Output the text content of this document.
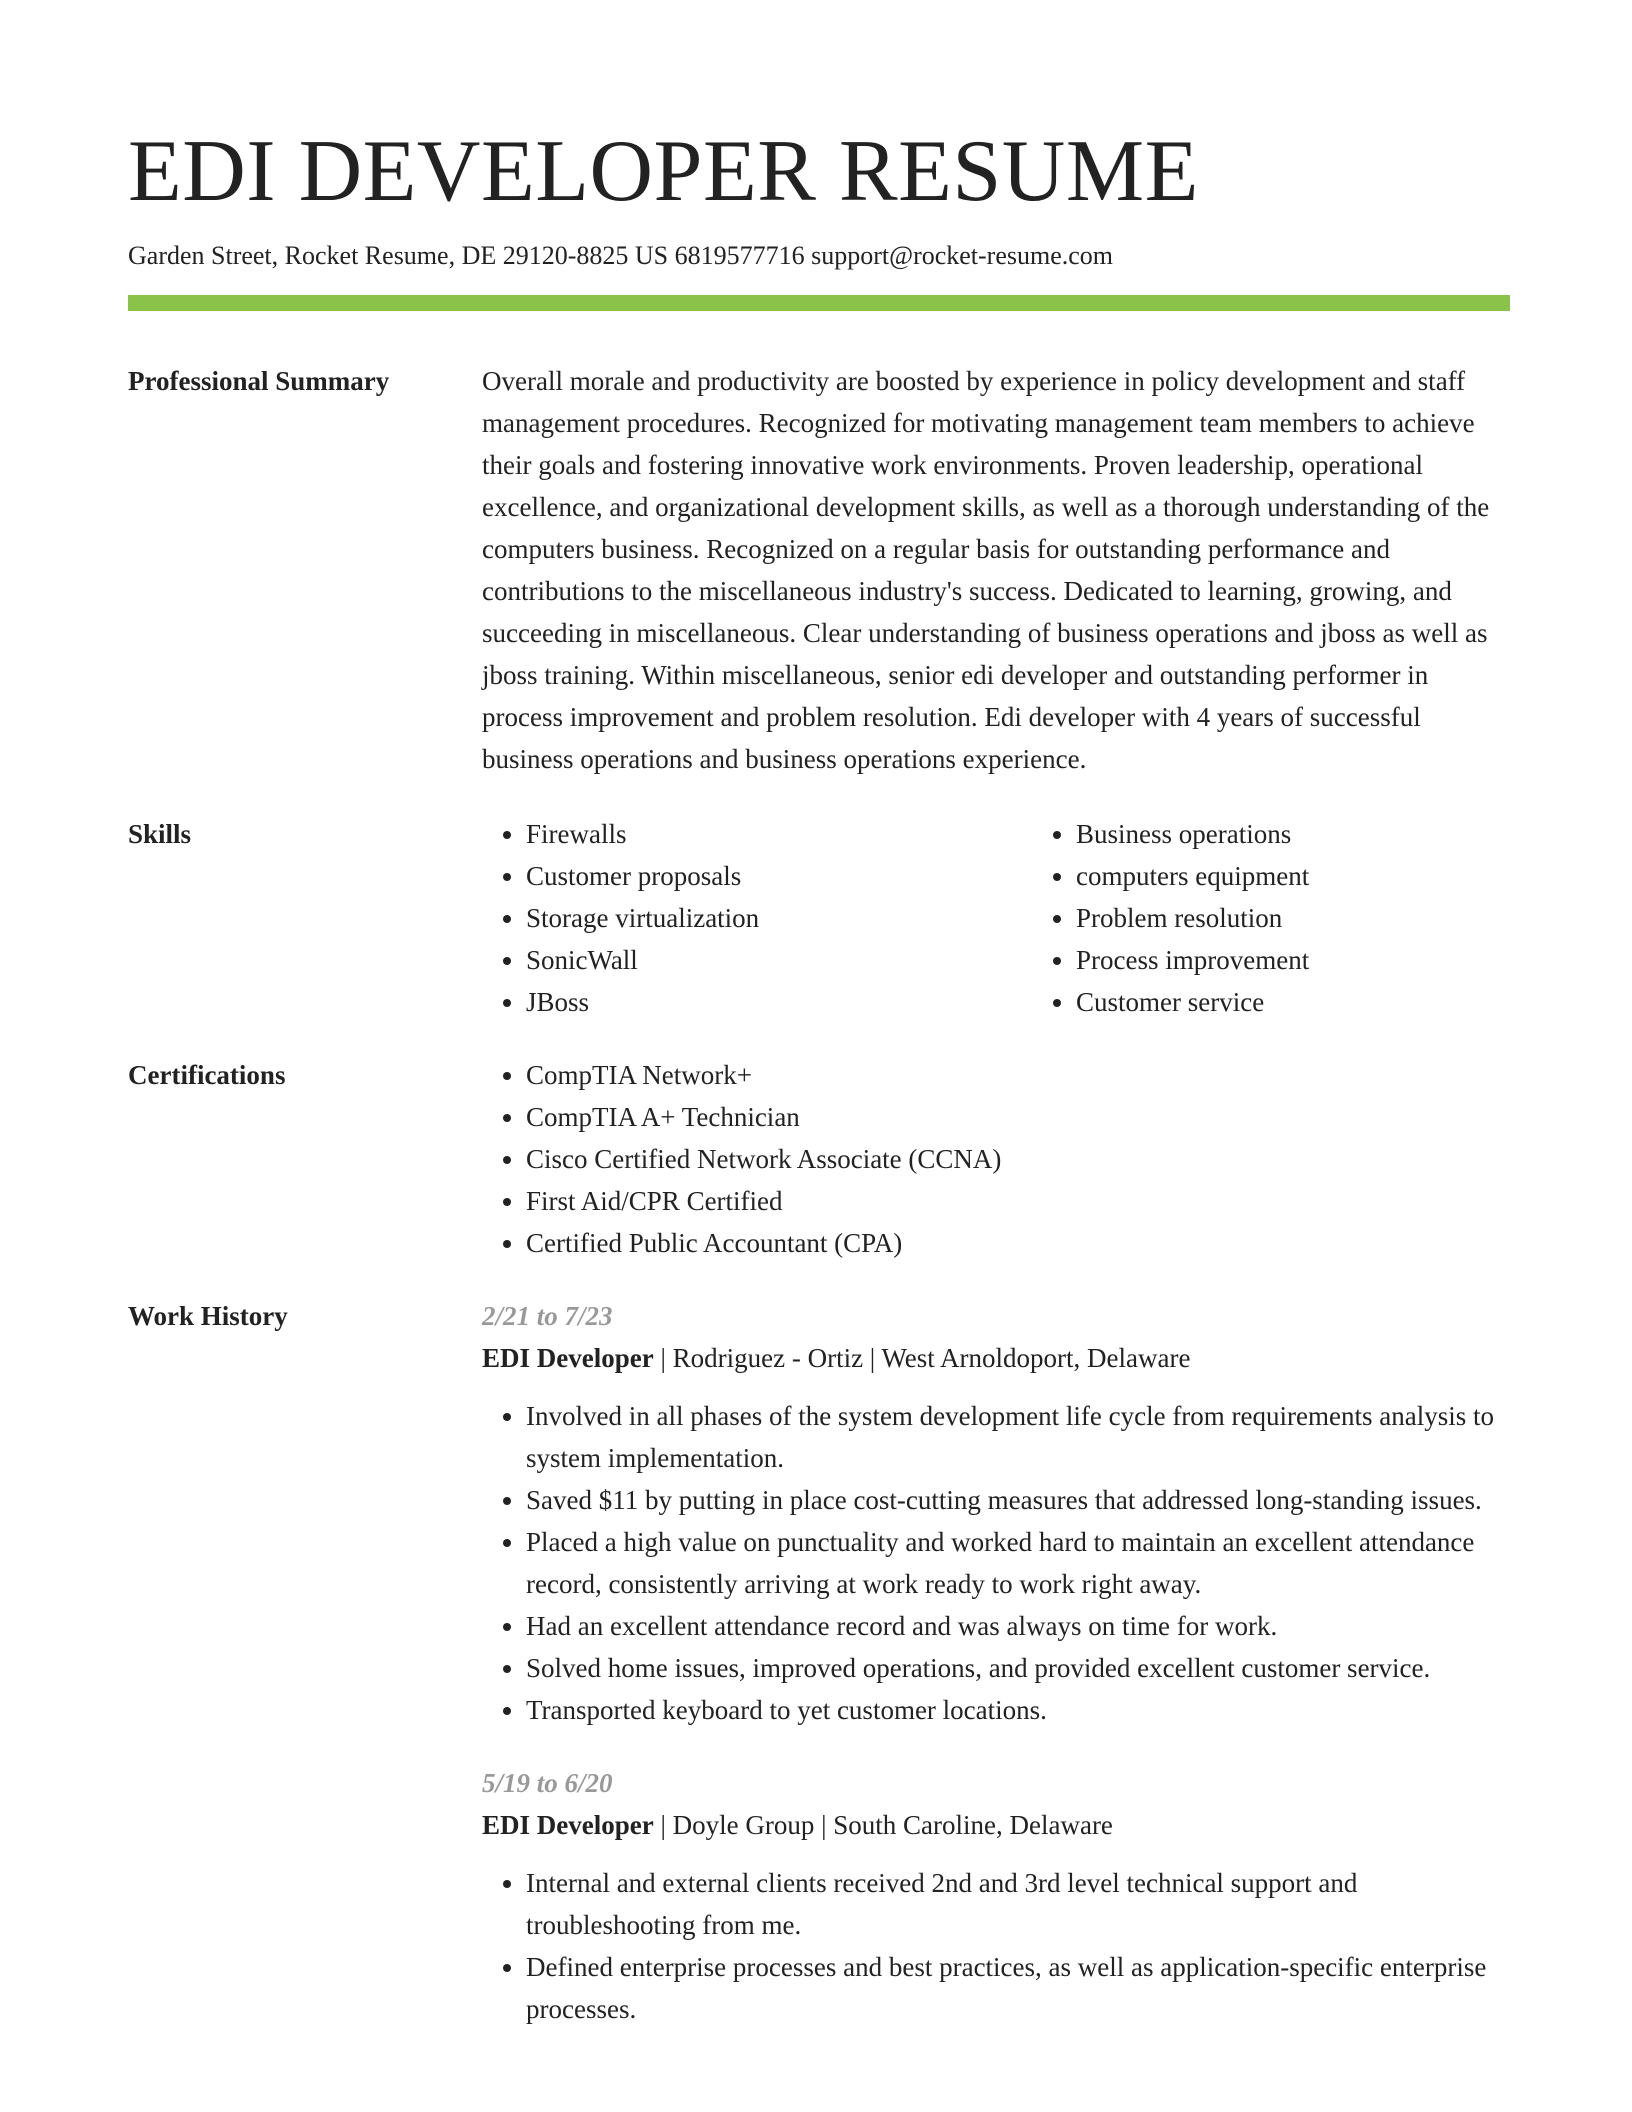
EDI DEVELOPER RESUME
Garden Street, Rocket Resume, DE 29120-8825 US 6819577716 support@rocket-resume.com
Professional Summary	Overall morale and productivity are boosted by experience in policy development and staff management procedures. Recognized for motivating management team members to achieve their goals and fostering innovative work environments. Proven leadership, operational excellence, and organizational development skills, as well as a thorough understanding of the computers business. Recognized on a regular basis for outstanding performance and contributions to the miscellaneous industry's success. Dedicated to learning, growing, and succeeding in miscellaneous. Clear understanding of business operations and jboss as well as jboss training. Within miscellaneous, senior edi developer and outstanding performer in process improvement and problem resolution. Edi developer with 4 years of successful business operations and business operations experience.
Skills	• Firewalls
• Customer proposals
• Storage virtualization
• SonicWall
• JBoss
• Business operations
• computers equipment
• Problem resolution
• Process improvement
• Customer service
Certifications	• CompTIA Network+
• CompTIA A+ Technician
• Cisco Certified Network Associate (CCNA)
• First Aid/CPR Certified
• Certified Public Accountant (CPA)
Work History	2/21 to 7/23
EDI Developer | Rodriguez - Ortiz | West Arnoldoport, Delaware
• Involved in all phases of the system development life cycle from requirements analysis to system implementation.
• Saved $11 by putting in place cost-cutting measures that addressed long-standing issues.
• Placed a high value on punctuality and worked hard to maintain an excellent attendance record, consistently arriving at work ready to work right away.
• Had an excellent attendance record and was always on time for work.
• Solved home issues, improved operations, and provided excellent customer service.
• Transported keyboard to yet customer locations.
5/19 to 6/20
EDI Developer | Doyle Group | South Caroline, Delaware
• Internal and external clients received 2nd and 3rd level technical support and troubleshooting from me.
• Defined enterprise processes and best practices, as well as application-specific enterprise processes.
